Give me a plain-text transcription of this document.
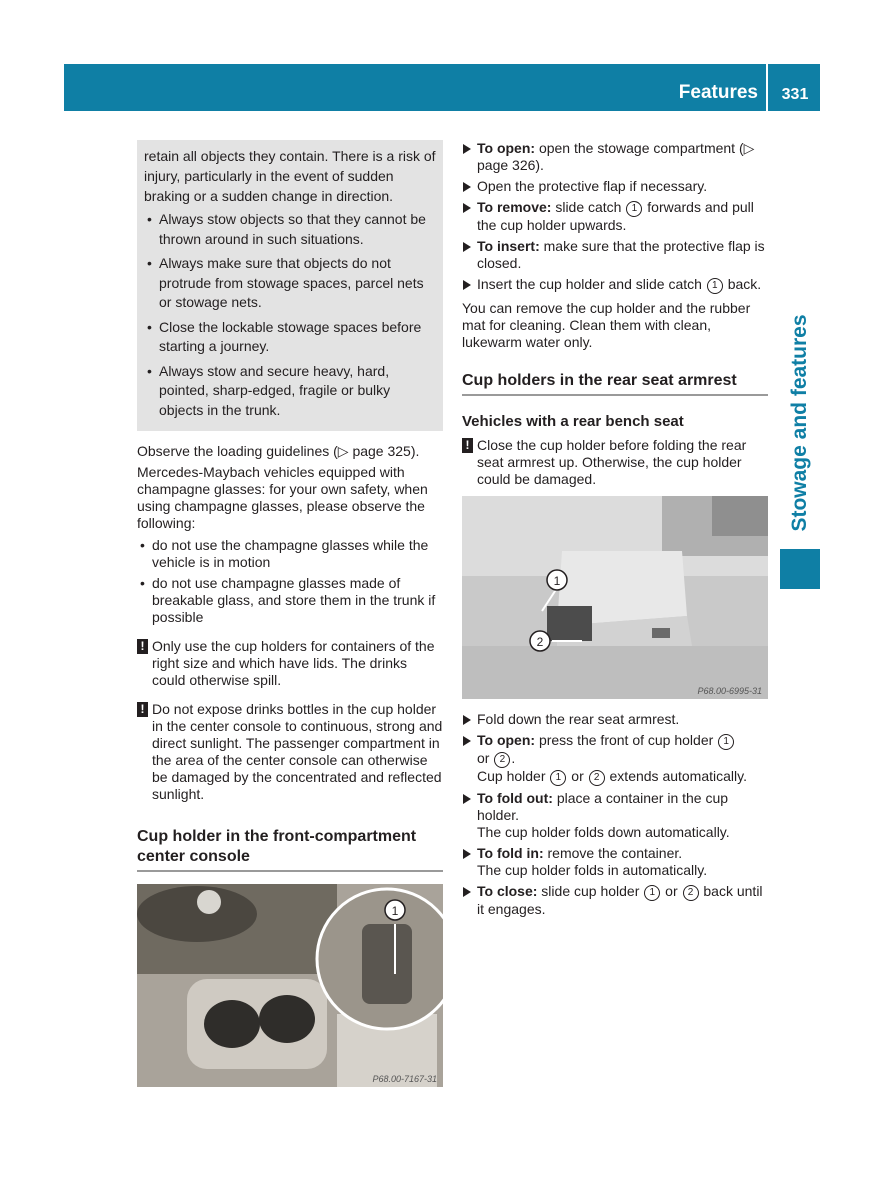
Features	331
Stowage and features

retain all objects they contain. There is a risk of injury, particularly in the event of sudden braking or a sudden change in direction.

• Always stow objects so that they cannot be thrown around in such situations.
• Always make sure that objects do not protrude from stowage spaces, parcel nets or stowage nets.
• Close the lockable stowage spaces before starting a journey.
• Always stow and secure heavy, hard, pointed, sharp-edged, fragile or bulky objects in the trunk.

Observe the loading guidelines (▷ page 325).

Mercedes-Maybach vehicles equipped with champagne glasses: for your own safety, when using champagne glasses, please observe the following:

• do not use the champagne glasses while the vehicle is in motion
• do not use champagne glasses made of breakable glass, and store them in the trunk if possible
! Only use the cup holders for containers of the right size and which have lids. The drinks could otherwise spill.
! Do not expose drinks bottles in the cup holder in the center console to continuous, strong and direct sunlight. The passenger compartment in the area of the center console can otherwise be damaged by the concentrated and reflected sunlight.
Cup holder in the front-compartment center console
1
P68.00-7167-31
To open: open the stowage compartment (▷ page 326).
Open the protective flap if necessary.
To remove: slide catch 1 forwards and pull the cup holder upwards.
To insert: make sure that the protective flap is closed.
Insert the cup holder and slide catch 1 back.

You can remove the cup holder and the rubber mat for cleaning. Clean them with clean, lukewarm water only.

Cup holders in the rear seat armrest
Vehicles with a rear bench seat
! Close the cup holder before folding the rear seat armrest up. Otherwise, the cup holder could be damaged.
1
2
P68.00-6995-31
Fold down the rear seat armrest.
To open: press the front of cup holder 1
or 2 .
Cup holder 1 or 2 extends automatically.
To fold out: place a container in the cup holder.
The cup holder folds down automatically.
To fold in: remove the container.
The cup holder folds in automatically.
To close: slide cup holder 1 or 2 back until it engages.
